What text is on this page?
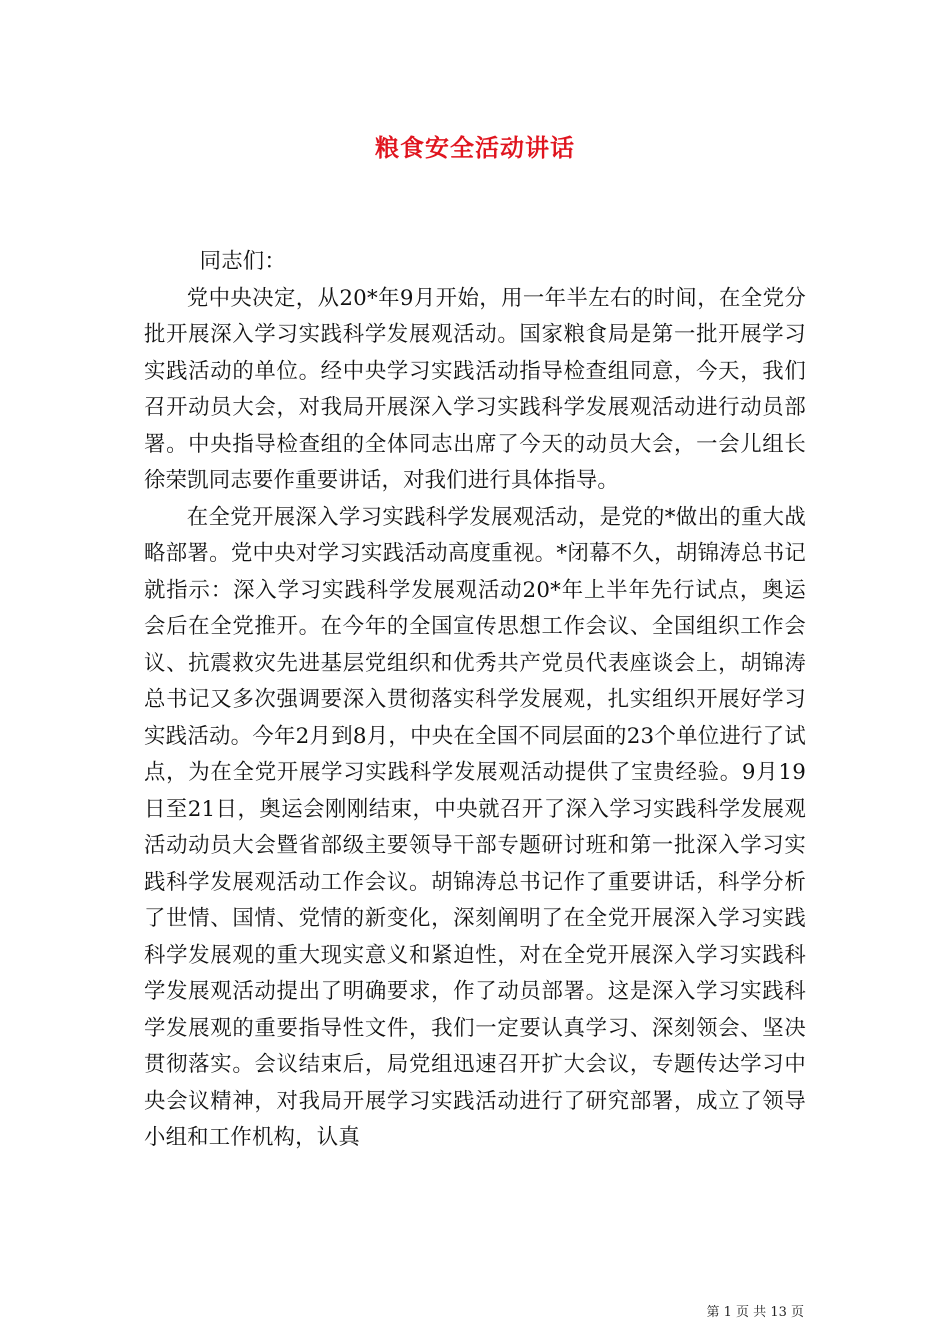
粮食安全活动讲话

同志们：

党中央决定，从20*年9月开始，用一年半左右的时间，在全党分批开展深入学习实践科学发展观活动。国家粮食局是第一批开展学习实践活动的单位。经中央学习实践活动指导检查组同意，今天，我们召开动员大会，对我局开展深入学习实践科学发展观活动进行动员部署。中央指导检查组的全体同志出席了今天的动员大会，一会儿组长徐荣凯同志要作重要讲话，对我们进行具体指导。

在全党开展深入学习实践科学发展观活动，是党的*做出的重大战略部署。党中央对学习实践活动高度重视。*闭幕不久，胡锦涛总书记就指示：深入学习实践科学发展观活动20*年上半年先行试点，奥运会后在全党推开。在今年的全国宣传思想工作会议、全国组织工作会议、抗震救灾先进基层党组织和优秀共产党员代表座谈会上，胡锦涛总书记又多次强调要深入贯彻落实科学发展观，扎实组织开展好学习实践活动。今年2月到8月，中央在全国不同层面的23个单位进行了试点，为在全党开展学习实践科学发展观活动提供了宝贵经验。9月19日至21日，奥运会刚刚结束，中央就召开了深入学习实践科学发展观活动动员大会暨省部级主要领导干部专题研讨班和第一批深入学习实践科学发展观活动工作会议。胡锦涛总书记作了重要讲话，科学分析了世情、国情、党情的新变化，深刻阐明了在全党开展深入学习实践科学发展观的重大现实意义和紧迫性，对在全党开展深入学习实践科学发展观活动提出了明确要求，作了动员部署。这是深入学习实践科学发展观的重要指导性文件，我们一定要认真学习、深刻领会、坚决贯彻落实。会议结束后，局党组迅速召开扩大会议，专题传达学习中央会议精神，对我局开展学习实践活动进行了研究部署，成立了领导小组和工作机构，认真

第 1 页 共 13 页
